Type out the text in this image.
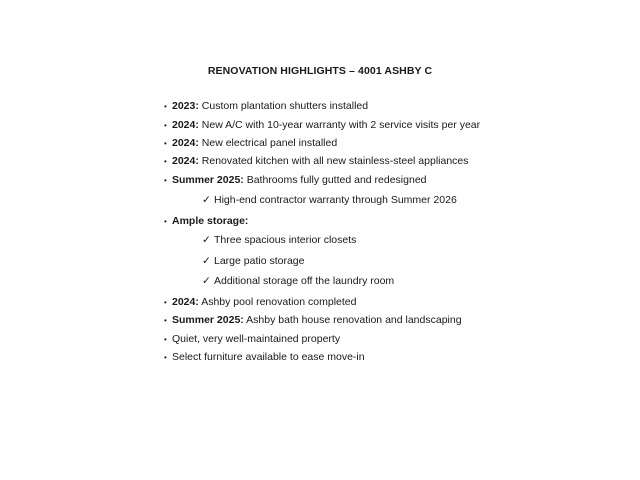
RENOVATION HIGHLIGHTS – 4001 ASHBY C
• 2023: Custom plantation shutters installed
• 2024: New A/C with 10-year warranty with 2 service visits per year
• 2024: New electrical panel installed
• 2024: Renovated kitchen with all new stainless-steel appliances
• Summer 2025: Bathrooms fully gutted and redesigned
✓ High-end contractor warranty through Summer 2026
• Ample storage:
✓ Three spacious interior closets
✓ Large patio storage
✓ Additional storage off the laundry room
• 2024: Ashby pool renovation completed
• Summer 2025: Ashby bath house renovation and landscaping
• Quiet, very well-maintained property
• Select furniture available to ease move-in
